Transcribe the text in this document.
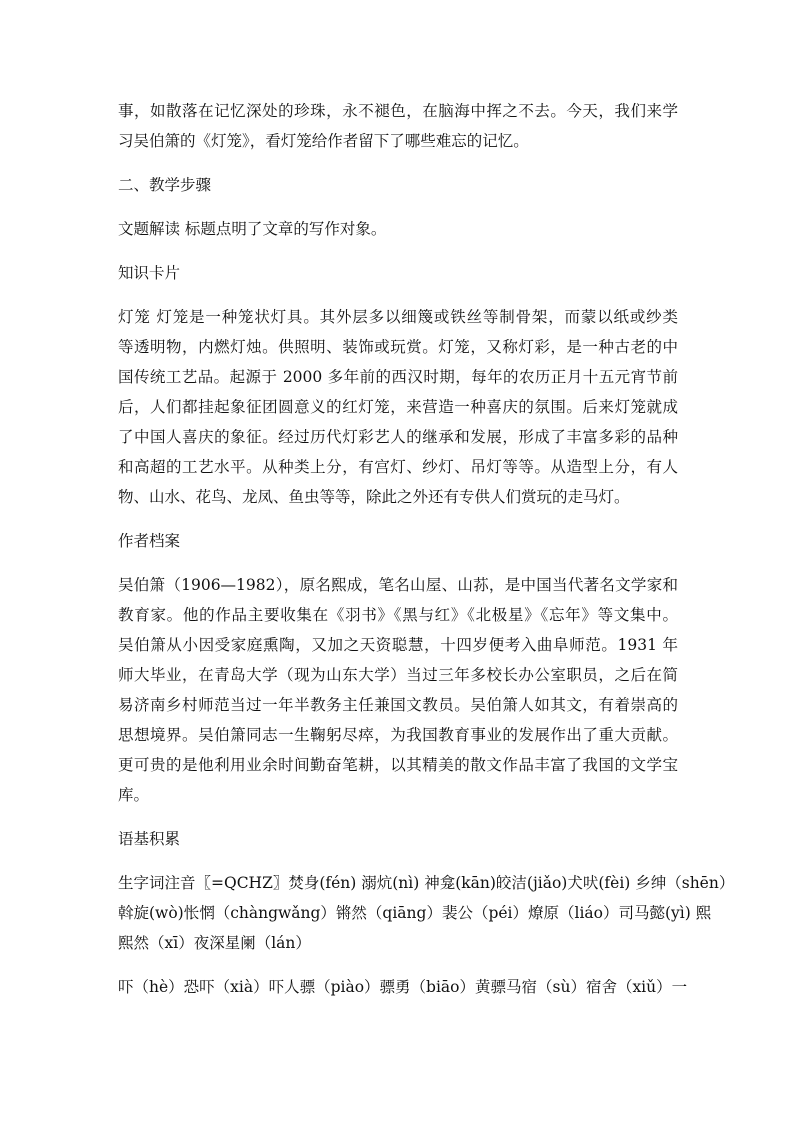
事，如散落在记忆深处的珍珠，永不褪色，在脑海中挥之不去。今天，我们来学
习吴伯箫的《灯笼》，看灯笼给作者留下了哪些难忘的记忆。

二、教学步骤
文题解读 标题点明了文章的写作对象。
知识卡片

灯笼 灯笼是一种笼状灯具。其外层多以细篾或铁丝等制骨架，而蒙以纸或纱类
等透明物，内燃灯烛。供照明、装饰或玩赏。灯笼，又称灯彩，是一种古老的中
国传统工艺品。起源于 2000 多年前的西汉时期，每年的农历正月十五元宵节前
后，人们都挂起象征团圆意义的红灯笼，来营造一种喜庆的氛围。后来灯笼就成
了中国人喜庆的象征。经过历代灯彩艺人的继承和发展，形成了丰富多彩的品种
和高超的工艺水平。从种类上分，有宫灯、纱灯、吊灯等等。从造型上分，有人
物、山水、花鸟、龙凤、鱼虫等等，除此之外还有专供人们赏玩的走马灯。

作者档案

吴伯箫（1906—1982），原名熙成，笔名山屋、山荪，是中国当代著名文学家和
教育家。他的作品主要收集在《羽书》《黑与红》《北极星》《忘年》等文集中。
吴伯箫从小因受家庭熏陶，又加之天资聪慧，十四岁便考入曲阜师范。1931 年
师大毕业，在青岛大学（现为山东大学）当过三年多校长办公室职员，之后在简
易济南乡村师范当过一年半教务主任兼国文教员。吴伯箫人如其文，有着崇高的
思想境界。吴伯箫同志一生鞠躬尽瘁，为我国教育事业的发展作出了重大贡献。
更可贵的是他利用业余时间勤奋笔耕，以其精美的散文作品丰富了我国的文学宝
库。

语基积累

生字词注音〖=QCHZ〗焚身(fén) 溺炕(nì) 神龛(kān)皎洁(jiǎo)犬吠(fèi) 乡绅（shēn）
斡旋(wò)怅惘（chàngwǎng）锵然（qiāng）裴公（péi）燎原（liáo）司马懿(yì) 熙
熙然（xī）夜深星阑（lán）

吓（hè）恐吓（xià）吓人骠（piào）骠勇（biāo）黄骠马宿（sù）宿舍（xiǔ）一
